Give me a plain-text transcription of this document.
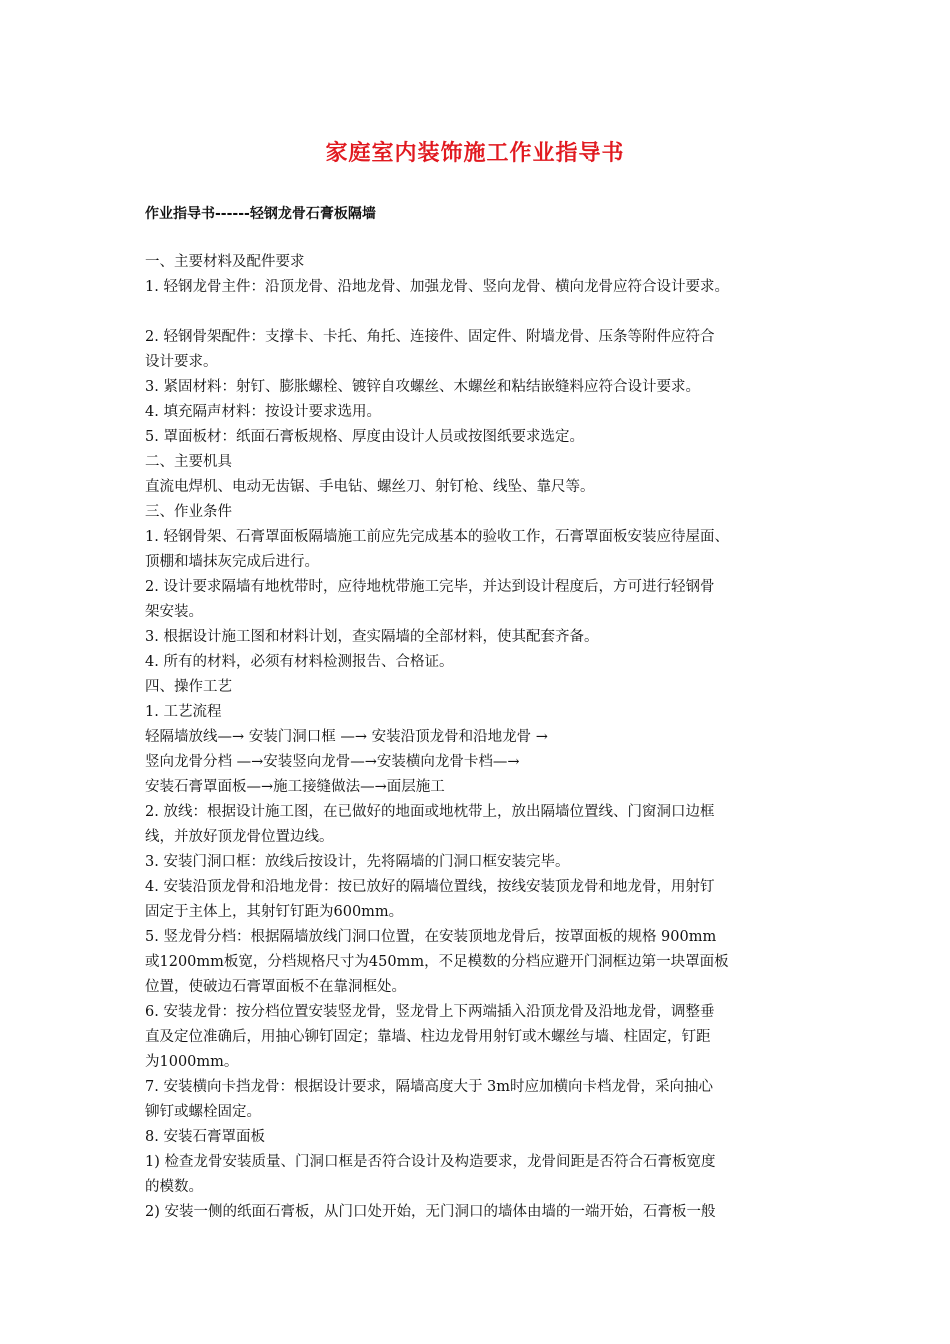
家庭室内装饰施工作业指导书
作业指导书------轻钢龙骨石膏板隔墙
一、主要材料及配件要求
1. 轻钢龙骨主件：沿顶龙骨、沿地龙骨、加强龙骨、竖向龙骨、横向龙骨应符合设计要求。
2. 轻钢骨架配件：支撑卡、卡托、角托、连接件、固定件、附墙龙骨、压条等附件应符合
设计要求。
3. 紧固材料：射钉、膨胀螺栓、镀锌自攻螺丝、木螺丝和粘结嵌缝料应符合设计要求。
4. 填充隔声材料：按设计要求选用。
5. 罩面板材：纸面石膏板规格、厚度由设计人员或按图纸要求选定。
二、主要机具
直流电焊机、电动无齿锯、手电钻、螺丝刀、射钉枪、线坠、靠尺等。
三、作业条件
1. 轻钢骨架、石膏罩面板隔墙施工前应先完成基本的验收工作，石膏罩面板安装应待屋面、
顶棚和墙抹灰完成后进行。
2. 设计要求隔墙有地枕带时，应待地枕带施工完毕，并达到设计程度后，方可进行轻钢骨
架安装。
3. 根据设计施工图和材料计划，查实隔墙的全部材料，使其配套齐备。
4. 所有的材料，必须有材料检测报告、合格证。
四、操作工艺
1. 工艺流程
轻隔墙放线—→ 安装门洞口框 —→ 安装沿顶龙骨和沿地龙骨 →
竖向龙骨分档 —→安装竖向龙骨—→安装横向龙骨卡档—→
安装石膏罩面板—→施工接缝做法—→面层施工
2. 放线：根据设计施工图，在已做好的地面或地枕带上，放出隔墙位置线、门窗洞口边框
线，并放好顶龙骨位置边线。
3. 安装门洞口框：放线后按设计，先将隔墙的门洞口框安装完毕。
4. 安装沿顶龙骨和沿地龙骨：按已放好的隔墙位置线，按线安装顶龙骨和地龙骨，用射钉
固定于主体上，其射钉钉距为600mm。
5. 竖龙骨分档：根据隔墙放线门洞口位置，在安装顶地龙骨后，按罩面板的规格 900mm
或1200mm板宽，分档规格尺寸为450mm，不足模数的分档应避开门洞框边第一块罩面板
位置，使破边石膏罩面板不在靠洞框处。
6. 安装龙骨：按分档位置安装竖龙骨，竖龙骨上下两端插入沿顶龙骨及沿地龙骨，调整垂
直及定位准确后，用抽心铆钉固定；靠墙、柱边龙骨用射钉或木螺丝与墙、柱固定，钉距
为1000mm。
7. 安装横向卡挡龙骨：根据设计要求，隔墙高度大于 3m时应加横向卡档龙骨，采向抽心
铆钉或螺栓固定。
8. 安装石膏罩面板
1) 检查龙骨安装质量、门洞口框是否符合设计及构造要求，龙骨间距是否符合石膏板宽度
的模数。
2) 安装一侧的纸面石膏板，从门口处开始，无门洞口的墙体由墙的一端开始，石膏板一般
